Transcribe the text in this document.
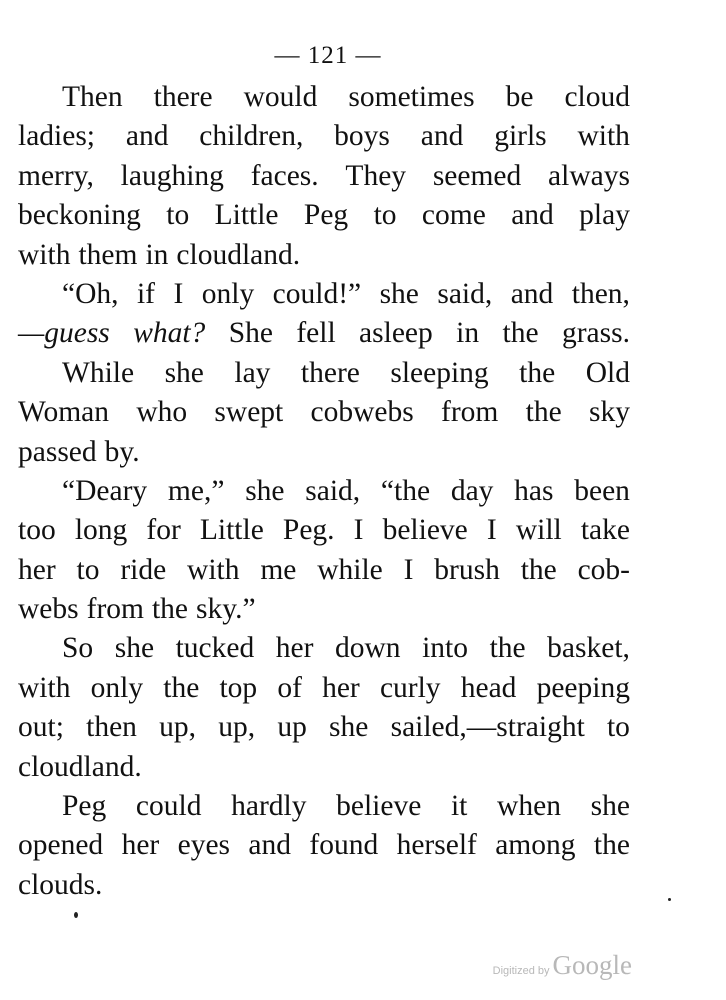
— 121 —
Then there would sometimes be cloud
ladies; and children, boys and girls with
merry, laughing faces. They seemed always
beckoning to Little Peg to come and play
with them in cloudland.
“Oh, if I only could!” she said, and then,
—guess what? She fell asleep in the grass.
While she lay there sleeping the Old
Woman who swept cobwebs from the sky
passed by.
“Deary me,” she said, “the day has been
too long for Little Peg. I believe I will take
her to ride with me while I brush the cob-
webs from the sky.”
So she tucked her down into the basket,
with only the top of her curly head peeping
out; then up, up, up she sailed,—straight to
cloudland.
Peg could hardly believe it when she
opened her eyes and found herself among the
clouds.
Digitized by Google
